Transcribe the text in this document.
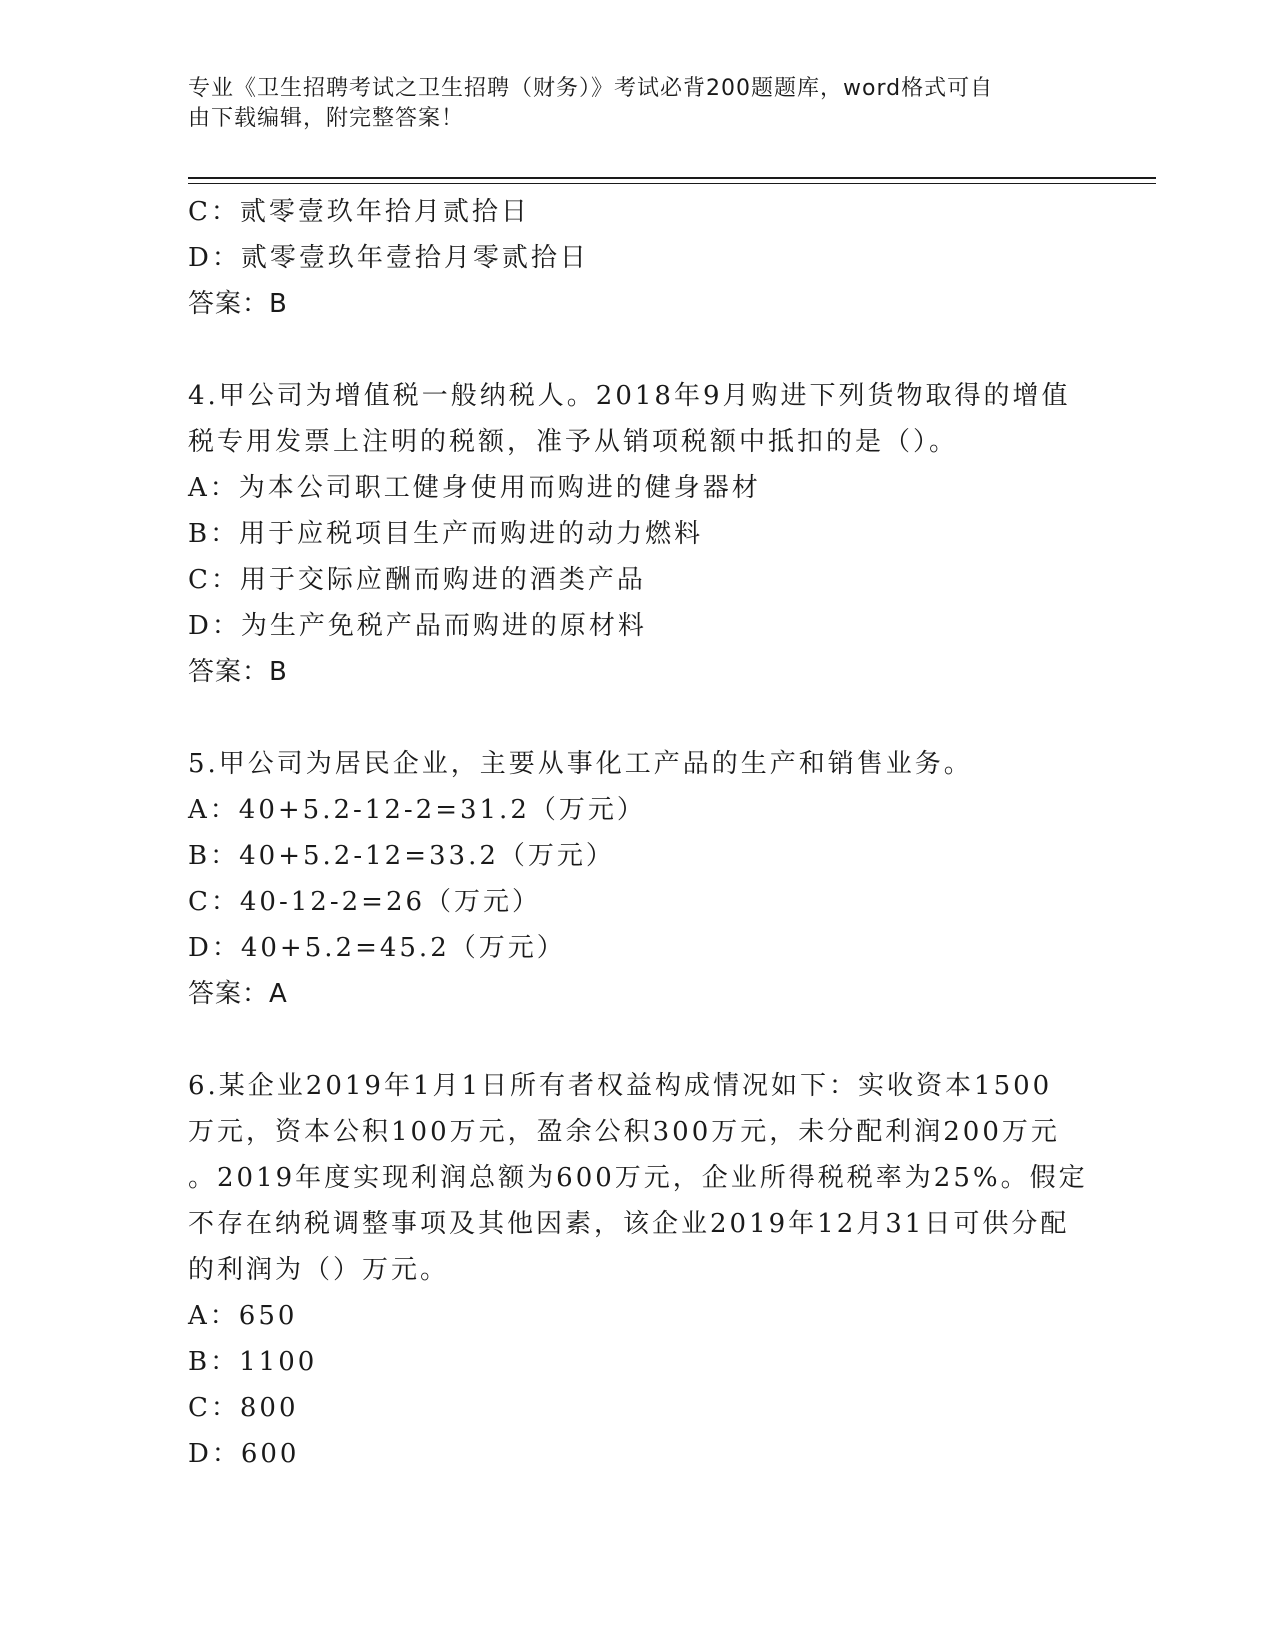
专业《卫生招聘考试之卫生招聘（财务）》考试必背200题题库，word格式可自
由下载编辑，附完整答案！
C：贰零壹玖年拾月贰拾日
D：贰零壹玖年壹拾月零贰拾日
答案：B
4.甲公司为增值税一般纳税人。2018年9月购进下列货物取得的增值
税专用发票上注明的税额，准予从销项税额中抵扣的是（）。
A：为本公司职工健身使用而购进的健身器材
B：用于应税项目生产而购进的动力燃料
C：用于交际应酬而购进的酒类产品
D：为生产免税产品而购进的原材料
答案：B
5.甲公司为居民企业，主要从事化工产品的生产和销售业务。
A：40+5.2-12-2=31.2（万元）
B：40+5.2-12=33.2（万元）
C：40-12-2=26（万元）
D：40+5.2=45.2（万元）
答案：A
6.某企业2019年1月1日所有者权益构成情况如下：实收资本1500
万元，资本公积100万元，盈余公积300万元，未分配利润200万元
。2019年度实现利润总额为600万元，企业所得税税率为25%。假定
不存在纳税调整事项及其他因素，该企业2019年12月31日可供分配
的利润为（）万元。
A：650
B：1100
C：800
D：600
